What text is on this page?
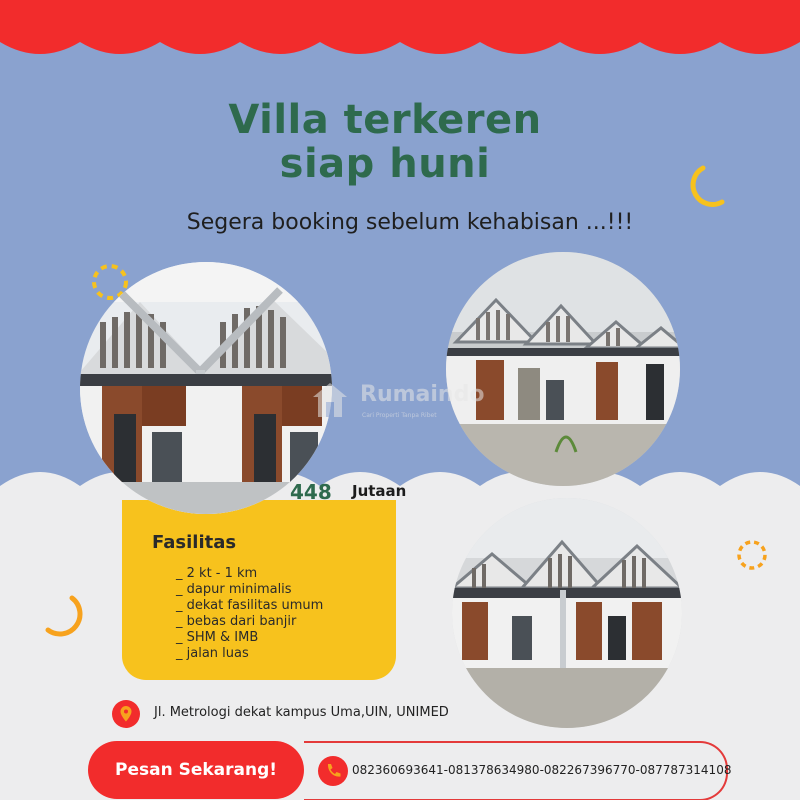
Villa terkeren
siap huni
Segera booking sebelum kehabisan ...!!!
Rumaindo
Cari Properti Tanpa Ribet
448 Jutaan
Fasilitas
_ 2 kt - 1 km
_ dapur minimalis
_ dekat fasilitas umum
_ bebas dari banjir
_ SHM & IMB
_ jalan luas
Jl. Metrologi dekat kampus Uma,UIN, UNIMED
Pesan Sekarang!	082360693641-081378634980-082267396770-087787314108
